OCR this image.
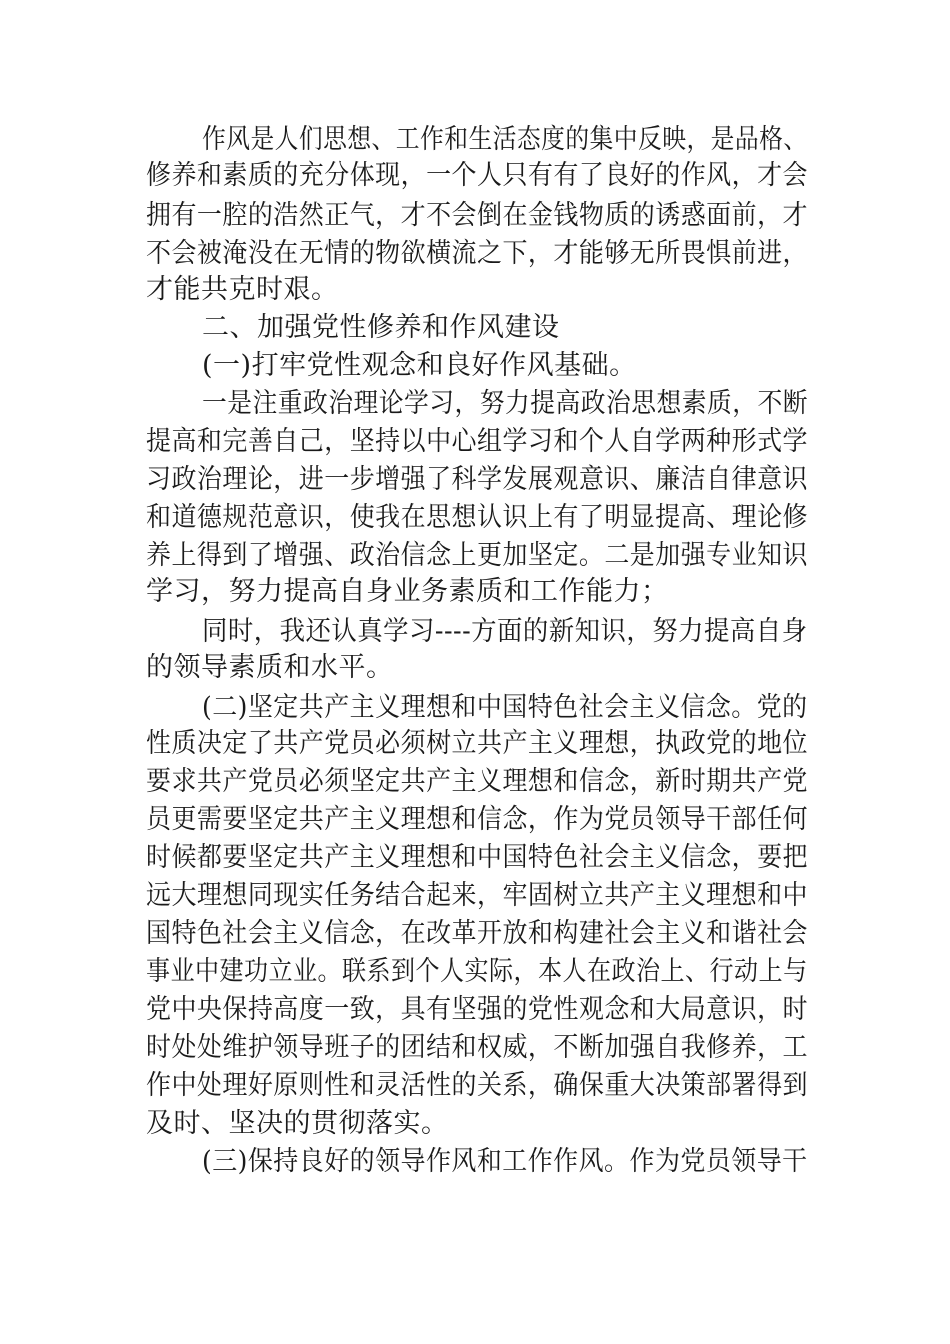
作风是人们思想、工作和生活态度的集中反映，是品格、
修养和素质的充分体现，一个人只有有了良好的作风，才会
拥有一腔的浩然正气，才不会倒在金钱物质的诱惑面前，才
不会被淹没在无情的物欲横流之下，才能够无所畏惧前进，
才能共克时艰。
二、加强党性修养和作风建设
(一)打牢党性观念和良好作风基础。
一是注重政治理论学习，努力提高政治思想素质，不断
提高和完善自己，坚持以中心组学习和个人自学两种形式学
习政治理论，进一步增强了科学发展观意识、廉洁自律意识
和道德规范意识，使我在思想认识上有了明显提高、理论修
养上得到了增强、政治信念上更加坚定。二是加强专业知识
学习，努力提高自身业务素质和工作能力；
同时，我还认真学习----方面的新知识，努力提高自身
的领导素质和水平。
(二)坚定共产主义理想和中国特色社会主义信念。党的
性质决定了共产党员必须树立共产主义理想，执政党的地位
要求共产党员必须坚定共产主义理想和信念，新时期共产党
员更需要坚定共产主义理想和信念，作为党员领导干部任何
时候都要坚定共产主义理想和中国特色社会主义信念，要把
远大理想同现实任务结合起来，牢固树立共产主义理想和中
国特色社会主义信念，在改革开放和构建社会主义和谐社会
事业中建功立业。联系到个人实际，本人在政治上、行动上与
党中央保持高度一致，具有坚强的党性观念和大局意识，时
时处处维护领导班子的团结和权威，不断加强自我修养，工
作中处理好原则性和灵活性的关系，确保重大决策部署得到
及时、坚决的贯彻落实。
(三)保持良好的领导作风和工作作风。作为党员领导干
